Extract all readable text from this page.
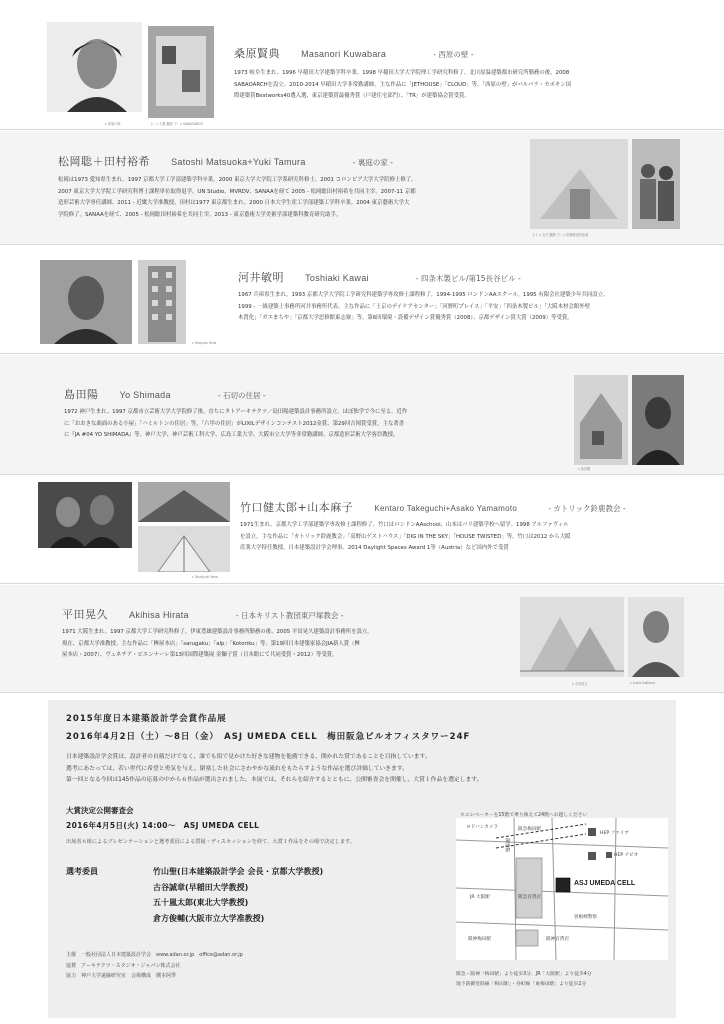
c 西原の壁	上：c 大栗 撮影 下：c SABAOARCH
桑原賢典 Masanori Kuwabara	- 西原の壁 -
1973 岐阜生まれ。1996 早稲田大学建築学科卒業。1998 早稲田大学大学院理工学研究科修了。北川原温建築都市研究所勤務の後、2008
SABAOARCHを設立。2010-2014 早稲田大学非常勤講師。主な作品に「JETHOUSE」「CLOUD」等。「西原の壁」がバルバラ・カポキン国
際建築賞Bestworks40選入選、東京建築賞最優秀賞（戸建住宅部門）、「TR」が建築協会賞受賞。
松岡聡＋田村裕希 Satoshi Matsuoka+Yuki Tamura	- 裏庭の家 -
松岡は1973 愛知県生まれ。1997 京都大学工学部建築学科卒業。2000 東京大学大学院工学系研究科修士、2001 コロンビア大学大学院修士修了。
2007 東京大学大学院工学研究科博士課程単位取得退学。UN Studio、MVRDV、SANAAを経て 2005 - 松岡聡田村裕希を共同主宰。2007-11 京都
造形芸術大学専任講師、2011 - 近畿大学准教授。田村は1977 東京都生まれ。2000 日本大学生産工学部建築工学科卒業。2004 東京藝術大学大
学院修了。SANAAを経て、2005 - 松岡聡田村裕希を共同主宰。2013 - 東京藝術大学美術学部建築科教育研究助手。
上と c 石川 撮影 下：c 松岡聡田村裕希
c Hiroyuki Hirai
河井敏明 Toshiaki Kawai	- 四条木製ビル/第15長谷ビル -
1967 兵庫県生まれ。1993 京都大学大学院工学研究科建築学専攻修士課程修了。1994-1995 ロンドンAAスクール。1995 有限会社建築少年共同設立。
1999 - 一級建築士事務所河井事務所代表。主な作品に「上京のデイケアセンター」「河野町プレイス」「平安」「四条木製ビル」「大阪木材会館外壁
木質化」「ガエまちや」「京都大学思修館東志寮」等。第6回環境・設備デザイン賞優秀賞（2008）、京都デザイン賞大賞（2009）等受賞。
島田陽 Yo Shimada	- 石切の住居 -
1972 神戸生まれ。1997 京都市立芸術大学大学院修了後、直ちにタトアーキテクツ／島田陽建築設計事務所設立。ほぼ独学で今に至る。近作
に「おおきな曲面のある小屋」「ハミルトンの住居」等。「六甲の住居」がLIXILデザインコンテスト2012金賞、第29回吉岡賞受賞。主な著書
に『JA #04 YO SHIMADA』等。神戸大学、神戸芸術工科大学、広島工業大学、大阪市立大学等非常勤講師。京都造形芸術大学客員教授。
c 島田陽
c Toshiyuki Yano
竹口健太郎+山本麻子	Kentaro Takeguchi+Asako Yamamoto	- カトリック鈴鹿教会 -
1971生まれ。京都大学工学部建築学専攻修士課程修了。竹口はロンドンAAschool、山本はパリ建築学校へ留学。1998 アルファヴィル
を設立。主な作品に「カトリック鈴鹿教会」「高野山ゲストハウス」「DIG IN THE SKY」「HOUSE TWISTED」等。竹口は2012 から大阪
産業大学特任教授。日本建築設計学会理事。2014 Daylight Spaces Award 1等（Austria）など国内外で受賞
平田晃久 Akihisa Hirata	- 日本キリスト教団東戸塚教会 -
1971 大阪生まれ。1997 京都大学工学研究科修了。伊東豊雄建築設計事務所勤務の後、2005 平田晃久建築設計事務所を設立。
現在、京都大学准教授。主な作品に「桝屋本店」「sarugaku」「alp」「Kotoriku」等。第19回日本建築家協会JIA新人賞（桝
屋本店・2007）、ヴェネチア・ビエンナーレ第13回国際建築展 金獅子賞（日本館にて共同受賞・2012）等受賞。
c 平田晃久	c Lucia Gallinco
2015年度日本建築設計学会賞作品展
2016年4月2日（土）～8日（金）　ASJ UMEDA CELL　梅田阪急ビルオフィスタワー24F
日本建築設計学会賞は、設計者の自薦だけでなく、誰でも街で見かけた好きな建物を他薦できる、開かれた賞であることを目指しています。
選考にあたっては、若い世代に希望と勇気を与え、閉塞した社会にさわやかな流れをもたらすような作品を選び評価していきます。
第一回となる今回は145作品の応募の中から６作品が選出されました。本展では、それらを紹介するとともに、公開審査会を開催し、大賞１作品を選定します。
大賞決定公開審査会
2016年4月5日(火) 14:00～　ASJ UMEDA CELL
出展者６組によるプレゼンテーションと選考委員による質疑・ディスカッションを経て、大賞１作品をその場で決定します。
選考委員	竹山聖(日本建築設計学会 会長・京都大学教授)
古谷誠章(早稲田大学教授)
五十嵐太郎(東北大学教授)
倉方俊輔(大阪市立大学准教授)
主催　一般社団法人日本建築設計学会　www.adan.or.jp　office@adan.or.jp
協賛　アーキテクツ・スタジオ・ジャパン株式会社
協力　神戸大学遠藤研究室　会場構成　槻本阿季
＊エレベーターを15階で乗り換えて24階へお越しください
ヨドバシカメラ	阪急梅田駅
HEP ファイブ
HEP ナビオ
御堂筋
阪急百貨店
ASJ UMEDA CELL
JR 大阪駅
曽根崎警察
阪神梅田駅	阪神百貨店
阪急・阪神「梅田駅」より徒歩3分、JR「大阪駅」より徒歩4分
地下鉄御堂筋線「梅田駅」・谷町線「東梅田駅」より徒歩2分
